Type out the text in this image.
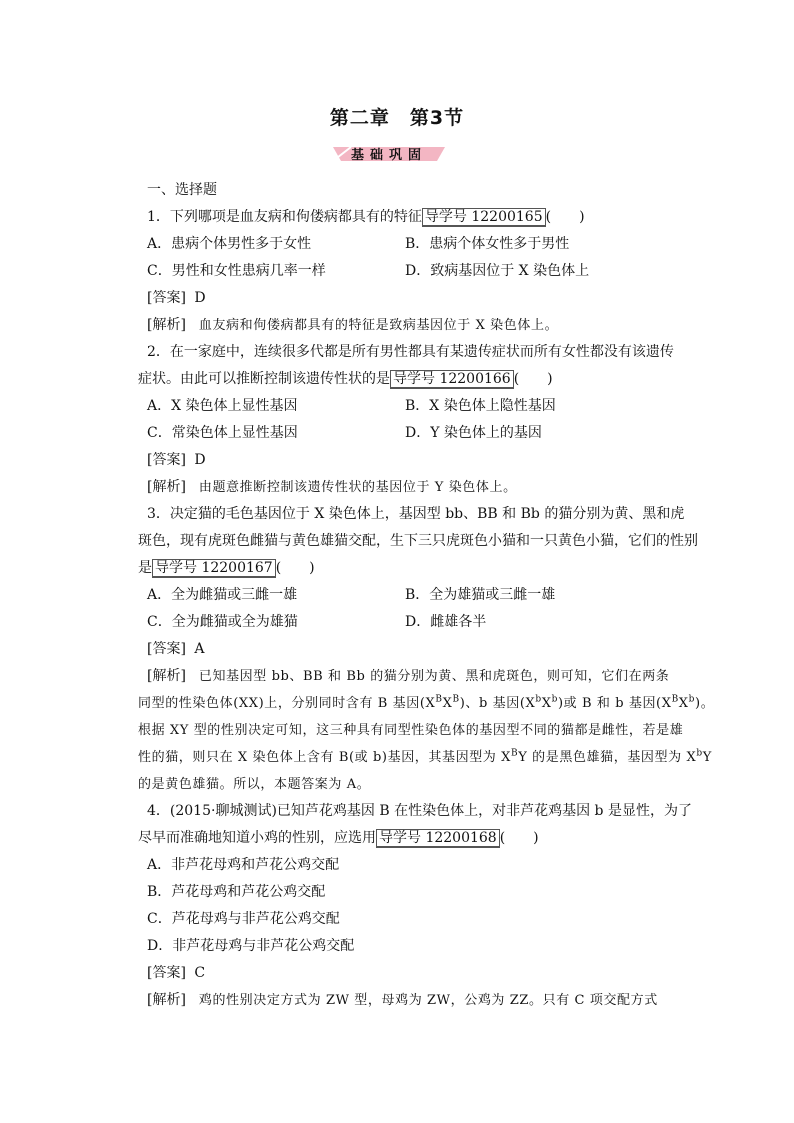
第二章 第3节
基础巩固
一、选择题
1．下列哪项是血友病和佝偻病都具有的特征 导学号 12200165 (　　)
A．患病个体男性多于女性	B．患病个体女性多于男性
C．男性和女性患病几率一样	D．致病基因位于 X 染色体上
[答案] D
[解析] 血友病和佝偻病都具有的特征是致病基因位于 X 染色体上。
2．在一家庭中，连续很多代都是所有男性都具有某遗传症状而所有女性都没有该遗传
症状。由此可以推断控制该遗传性状的是 导学号 12200166 (　　)
A．X 染色体上显性基因	B．X 染色体上隐性基因
C．常染色体上显性基因	D．Y 染色体上的基因
[答案] D
[解析] 由题意推断控制该遗传性状的基因位于 Y 染色体上。
3．决定猫的毛色基因位于 X 染色体上，基因型 bb、BB 和 Bb 的猫分别为黄、黑和虎
斑色，现有虎斑色雌猫与黄色雄猫交配，生下三只虎斑色小猫和一只黄色小猫，它们的性别
是 导学号 12200167 (　　)
A．全为雌猫或三雌一雄	B．全为雄猫或三雌一雄
C．全为雌猫或全为雄猫	D．雌雄各半
[答案] A
[解析] 已知基因型 bb、BB 和 Bb 的猫分别为黄、黑和虎斑色，则可知，它们在两条
同型的性染色体(XX)上，分别同时含有 B 基因$(X^BX^B)$、b 基因$(X^bX^b)$或 B 和 b 基因$(X^BX^b)$。
根据 XY 型的性别决定可知，这三种具有同型性染色体的基因型不同的猫都是雌性，若是雄
性的猫，则只在 X 染色体上含有 B(或 b)基因，其基因型为 $X^BY$ 的是黑色雄猫，基因型为 $X^bY$
的是黄色雄猫。所以，本题答案为 A。
4．(2015·聊城测试)已知芦花鸡基因 B 在性染色体上，对非芦花鸡基因 b 是显性，为了
尽早而准确地知道小鸡的性别，应选用 导学号 12200168 (　　)
A．非芦花母鸡和芦花公鸡交配
B．芦花母鸡和芦花公鸡交配
C．芦花母鸡与非芦花公鸡交配
D．非芦花母鸡与非芦花公鸡交配
[答案] C
[解析] 鸡的性别决定方式为 ZW 型，母鸡为 ZW，公鸡为 ZZ。只有 C 项交配方式
